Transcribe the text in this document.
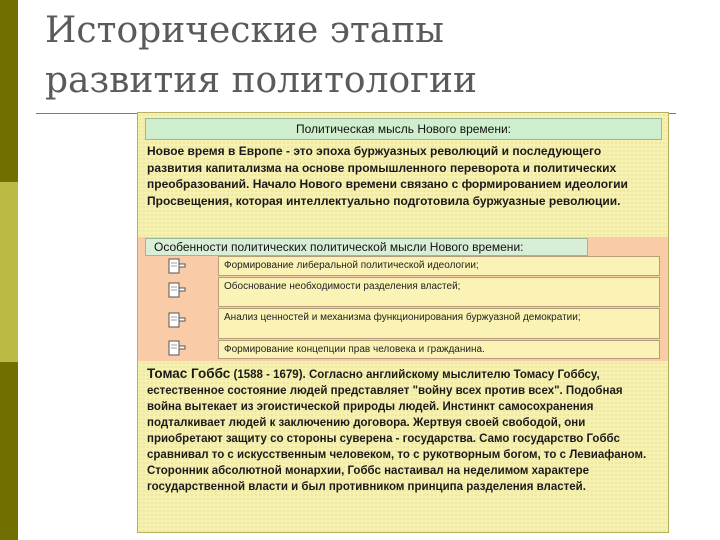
Исторические этапы
развития политологии
Политическая мысль Нового времени:
Новое время в Европе - это эпоха буржуазных революций и последующего развития капитализма на основе промышленного переворота и политических преобразований. Начало Нового времени связано с формированием идеологии Просвещения, которая интеллектуально подготовила буржуазные революции.
Особенности политических политической мысли Нового времени:
Формирование либеральной политической идеологии;
Обоснование необходимости разделения властей;
Анализ ценностей и механизма функционирования буржуазной демократии;
Формирование концепции прав человека и гражданина.
Томас Гоббс (1588 - 1679). Согласно английскому мыслителю Томасу Гоббсу, естественное состояние людей представляет "войну всех против всех". Подобная война вытекает из эгоистической природы людей. Инстинкт самосохранения подталкивает людей к заключению договора. Жертвуя своей свободой, они приобретают защиту со стороны суверена - государства. Само государство Гоббс сравнивал то с искусственным человеком, то с рукотворным богом, то с Левиафаном. Сторонник абсолютной монархии, Гоббс настаивал на неделимом характере государственной власти и был противником принципа разделения властей.
